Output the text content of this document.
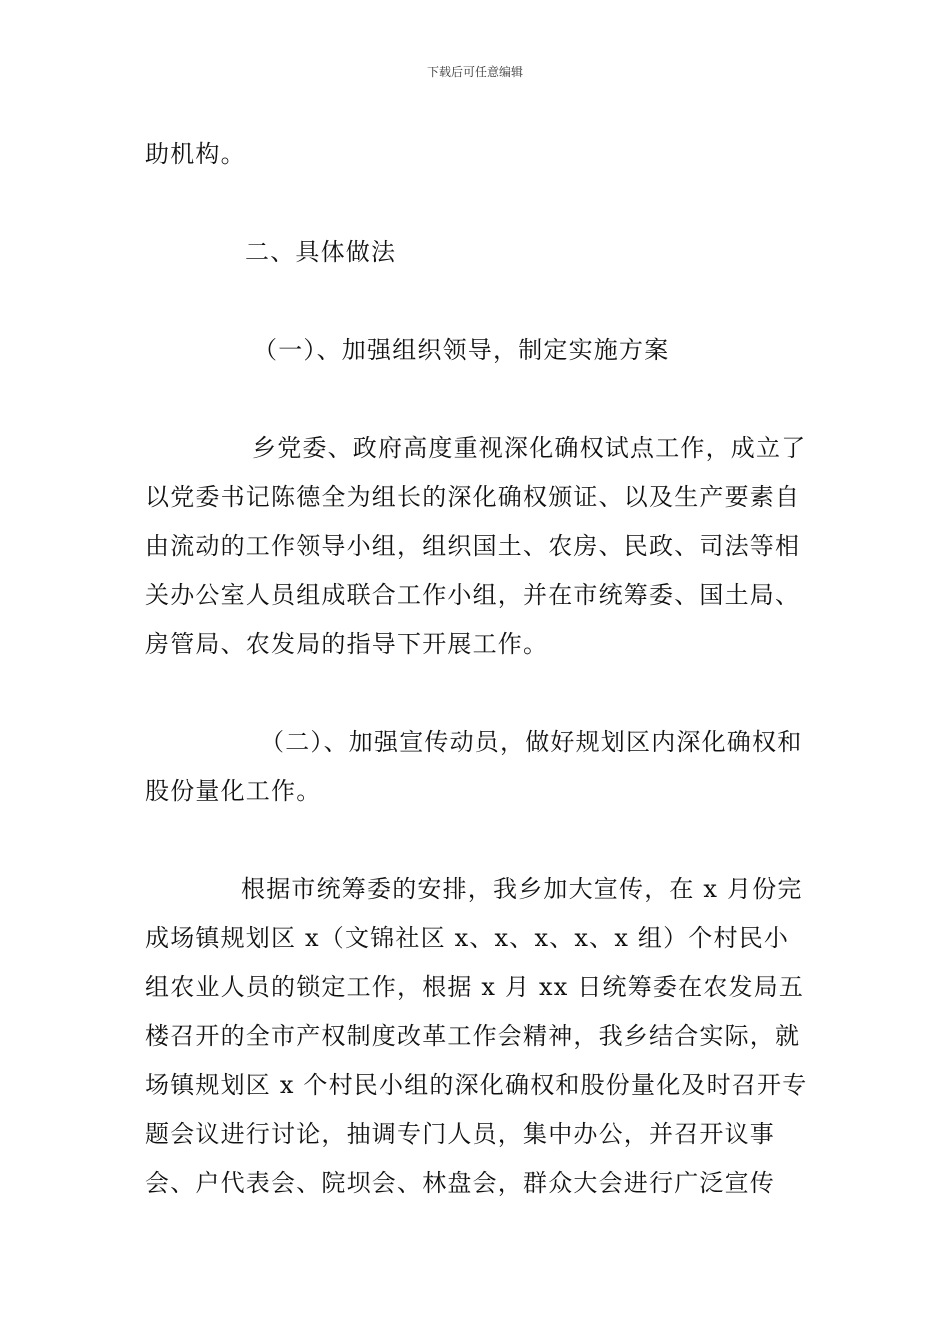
下载后可任意编辑

助机构。

二、具体做法

（一）、加强组织领导，制定实施方案

乡党委、政府高度重视深化确权试点工作，成立了以党委书记陈德全为组长的深化确权颁证、以及生产要素自由流动的工作领导小组，组织国土、农房、民政、司法等相关办公室人员组成联合工作小组，并在市统筹委、国土局、房管局、农发局的指导下开展工作。

（二）、加强宣传动员，做好规划区内深化确权和股份量化工作。

根据市统筹委的安排，我乡加大宣传，在 x 月份完成场镇规划区 x（文锦社区 x、x、x、x、x 组）个村民小组农业人员的锁定工作，根据 x 月 xx 日统筹委在农发局五楼召开的全市产权制度改革工作会精神，我乡结合实际，就场镇规划区 x 个村民小组的深化确权和股份量化及时召开专题会议进行讨论，抽调专门人员，集中办公，并召开议事会、户代表会、院坝会、林盘会，群众大会进行广泛宣传
